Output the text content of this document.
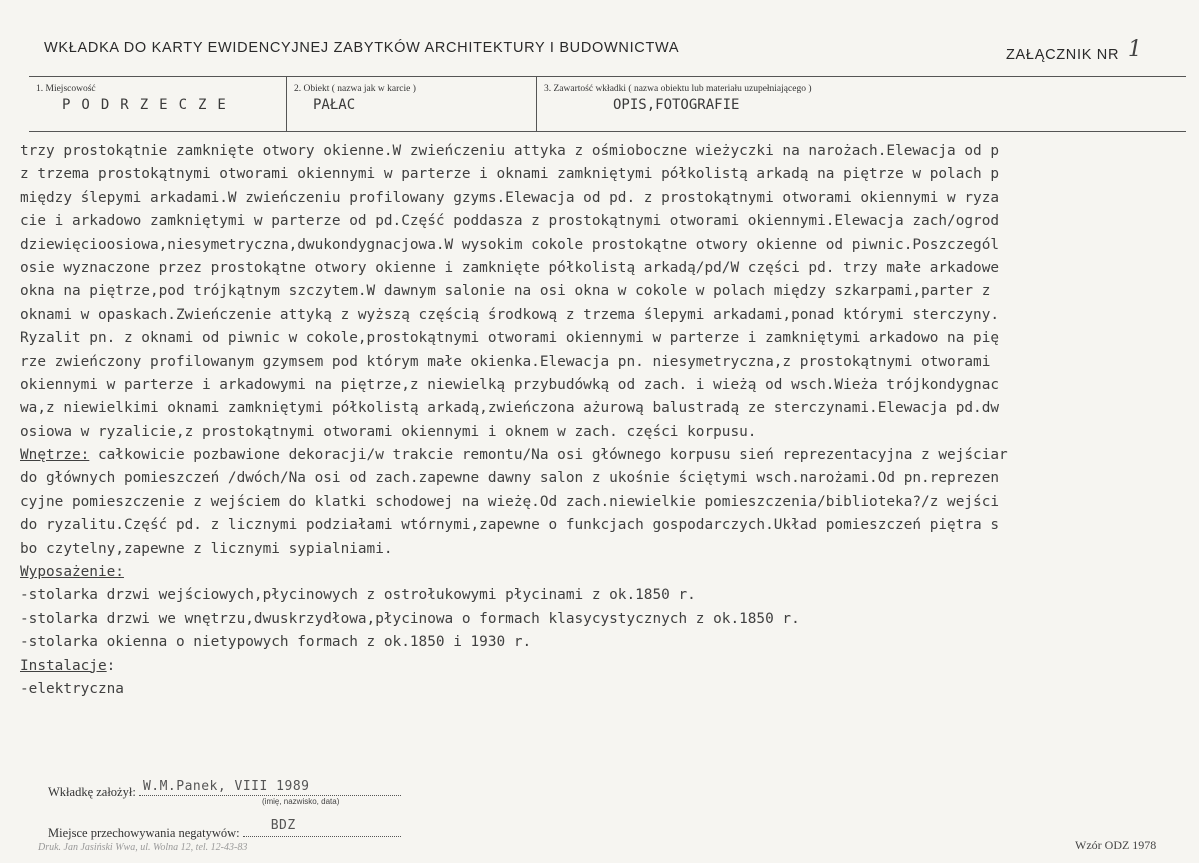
WKŁADKA DO KARTY EWIDENCYJNEJ ZABYTKÓW ARCHITEKTURY I BUDOWNICTWA	ZAŁĄCZNIK NR 1
1. Miejscowość
PODRZECZE
2. Obiekt ( nazwa jak w karcie )
PAŁAC
3. Zawartość wkładki ( nazwa obiektu lub materiału uzupełniającego )
OPIS,FOTOGRAFIE
trzy prostokątnie zamknięte otwory okienne.W zwieńczeniu attyka z ośmioboczne wieżyczki na narożach.Elewacja od p
z trzema prostokątnymi otworami okiennymi w parterze i oknami zamkniętymi półkolistą arkadą na piętrze w polach p
między ślepymi arkadami.W zwieńczeniu profilowany gzyms.Elewacja od pd. z prostokątnymi otworami okiennymi w ryza
cie i arkadowo zamkniętymi w parterze od pd.Część poddasza z prostokątnymi otworami okiennymi.Elewacja zach/ogrod
dziewięcioosiowa,niesymetryczna,dwukondygnacjowa.W wysokim cokole prostokątne otwory okienne od piwnic.Poszczegól
osie wyznaczone przez prostokątne otwory okienne i zamknięte półkolistą arkadą/pd/W części pd. trzy małe arkadowe
okna na piętrze,pod trójkątnym szczytem.W dawnym salonie na osi okna w cokole w polach między szkarpami,parter z
oknami w opaskach.Zwieńczenie attyką z wyższą częścią środkową z trzema ślepymi arkadami,ponad którymi sterczyny.
Ryzalit pn. z oknami od piwnic w cokole,prostokątnymi otworami okiennymi w parterze i zamkniętymi arkadowo na pię
rze zwieńczony profilowanym gzymsem pod którym małe okienka.Elewacja pn. niesymetryczna,z prostokątnymi otworami
okiennymi w parterze i arkadowymi na piętrze,z niewielką przybudówką od zach. i wieżą od wsch.Wieża trójkondygnac
wa,z niewielkimi oknami zamkniętymi półkolistą arkadą,zwieńczona ażurową balustradą ze sterczynami.Elewacja pd.dw
osiowa w ryzalicie,z prostokątnymi otworami okiennymi i oknem w zach. części korpusu.
Wnętrze: całkowicie pozbawione dekoracji/w trakcie remontu/Na osi głównego korpusu sień reprezentacyjna z wejściar
do głównych pomieszczeń /dwóch/Na osi od zach.zapewne dawny salon z ukośnie ściętymi wsch.narożami.Od pn.reprezen
cyjne pomieszczenie z wejściem do klatki schodowej na wieżę.Od zach.niewielkie pomieszczenia/biblioteka?/z wejści
do ryzalitu.Część pd. z licznymi podziałami wtórnymi,zapewne o funkcjach gospodarczych.Układ pomieszczeń piętra s
bo czytelny,zapewne z licznymi sypialniami.
Wyposażenie:
-stolarka drzwi wejściowych,płycinowych z ostrołukowymi płycinami z ok.1850 r.
-stolarka drzwi we wnętrzu,dwuskrzydłowa,płycinowa o formach klasycystycznych z ok.1850 r.
-stolarka okienna o nietypowych formach z ok.1850 i 1930 r.
Instalacje:
-elektryczna
Wkładkę założył: W.M.Panek, VIII 1989
(imię, nazwisko, data)
Miejsce przechowywania negatywów: BDZ
Druk. Jan Jasiński Wwa, ul. Wolna 12, tel. 12-43-83	Wzór ODZ 1978
